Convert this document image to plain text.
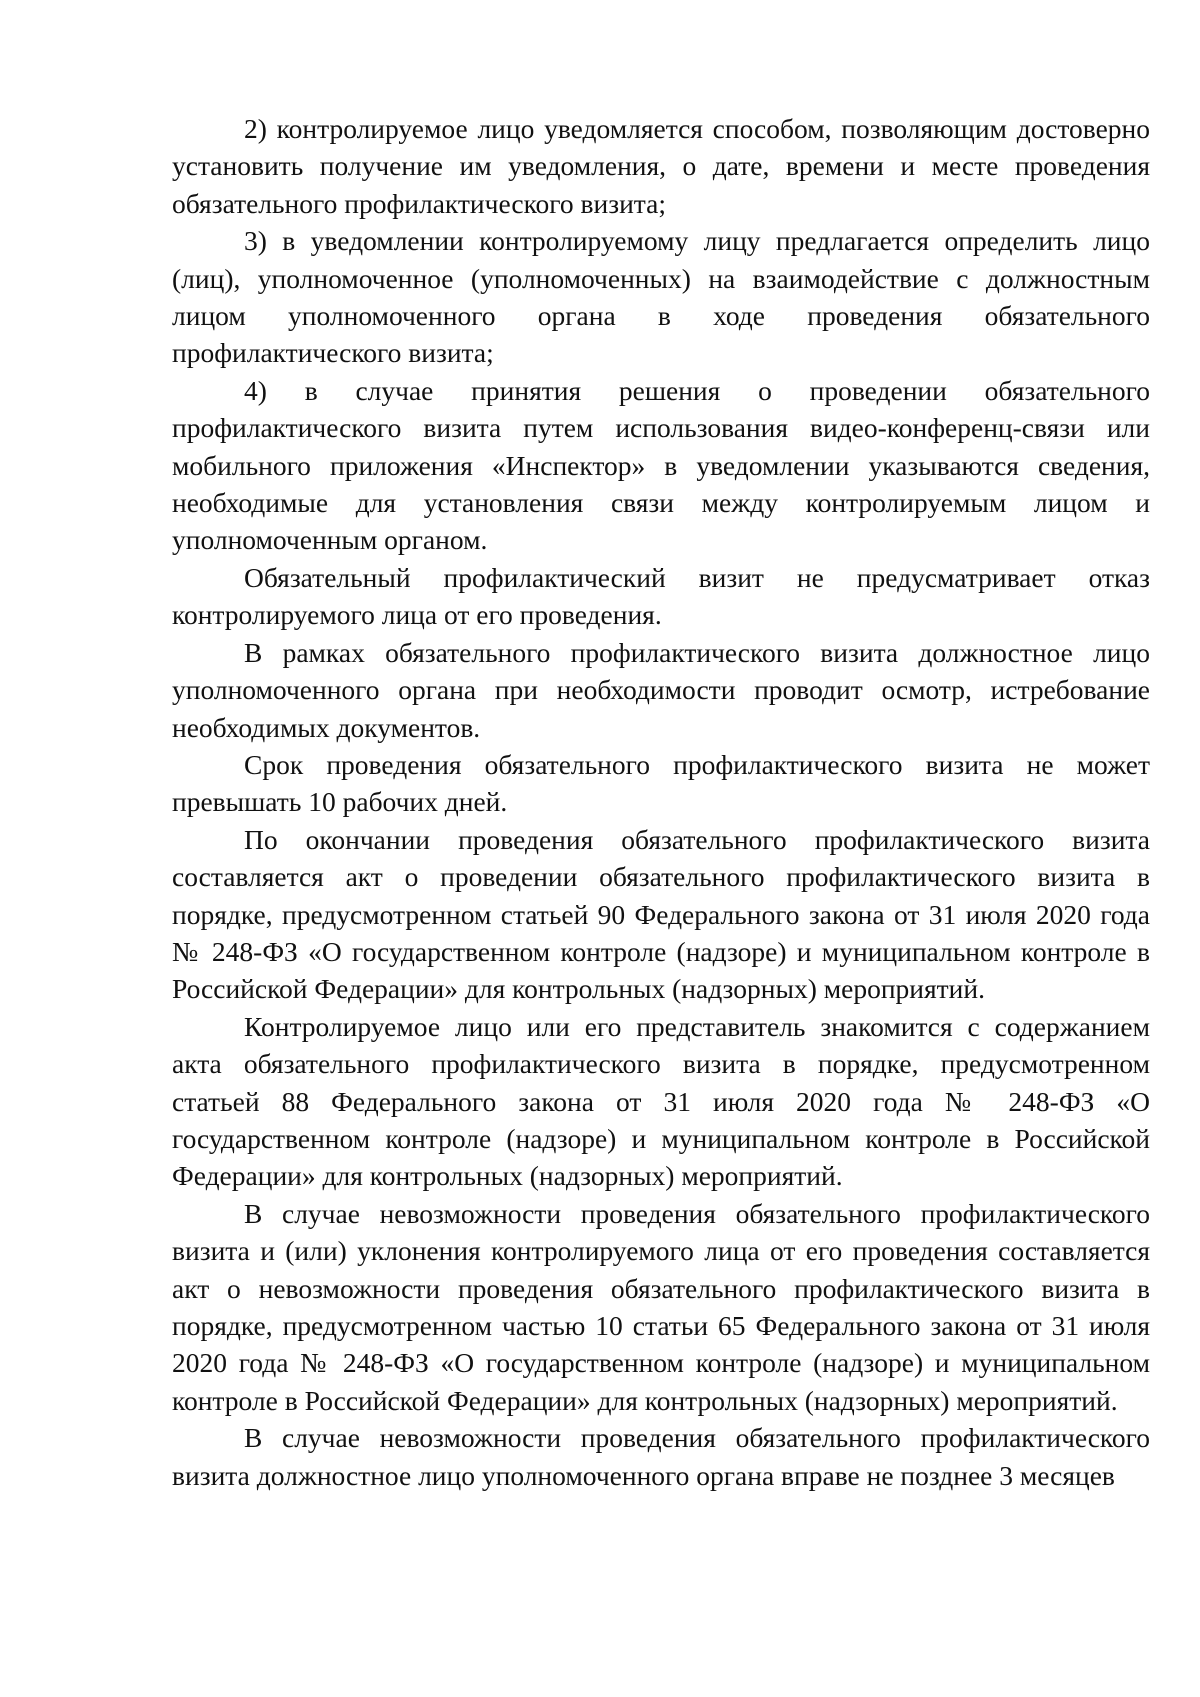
2) контролируемое лицо уведомляется способом, позволяющим достоверно установить получение им уведомления, о дате, времени и месте проведения обязательного профилактического визита;

3) в уведомлении контролируемому лицу предлагается определить лицо (лиц), уполномоченное (уполномоченных) на взаимодействие с должностным лицом уполномоченного органа в ходе проведения обязательного профилактического визита;

4) в случае принятия решения о проведении обязательного профилактического визита путем использования видео-конференц-связи или мобильного приложения «Инспектор» в уведомлении указываются сведения, необходимые для установления связи между контролируемым лицом и уполномоченным органом.

Обязательный профилактический визит не предусматривает отказ контролируемого лица от его проведения.

В рамках обязательного профилактического визита должностное лицо уполномоченного органа при необходимости проводит осмотр, истребование необходимых документов.

Срок проведения обязательного профилактического визита не может превышать 10 рабочих дней.

По окончании проведения обязательного профилактического визита составляется акт о проведении обязательного профилактического визита в порядке, предусмотренном статьей 90 Федерального закона от 31 июля 2020 года № 248-ФЗ «О государственном контроле (надзоре) и муниципальном контроле в Российской Федерации» для контрольных (надзорных) мероприятий.

Контролируемое лицо или его представитель знакомится с содержанием акта обязательного профилактического визита в порядке, предусмотренном статьей 88 Федерального закона от 31 июля 2020 года № 248-ФЗ «О государственном контроле (надзоре) и муниципальном контроле в Российской Федерации» для контрольных (надзорных) мероприятий.

В случае невозможности проведения обязательного профилактического визита и (или) уклонения контролируемого лица от его проведения составляется акт о невозможности проведения обязательного профилактического визита в порядке, предусмотренном частью 10 статьи 65 Федерального закона от 31 июля 2020 года № 248-ФЗ «О государственном контроле (надзоре) и муниципальном контроле в Российской Федерации» для контрольных (надзорных) мероприятий.

В случае невозможности проведения обязательного профилактического визита должностное лицо уполномоченного органа вправе не позднее 3 месяцев
